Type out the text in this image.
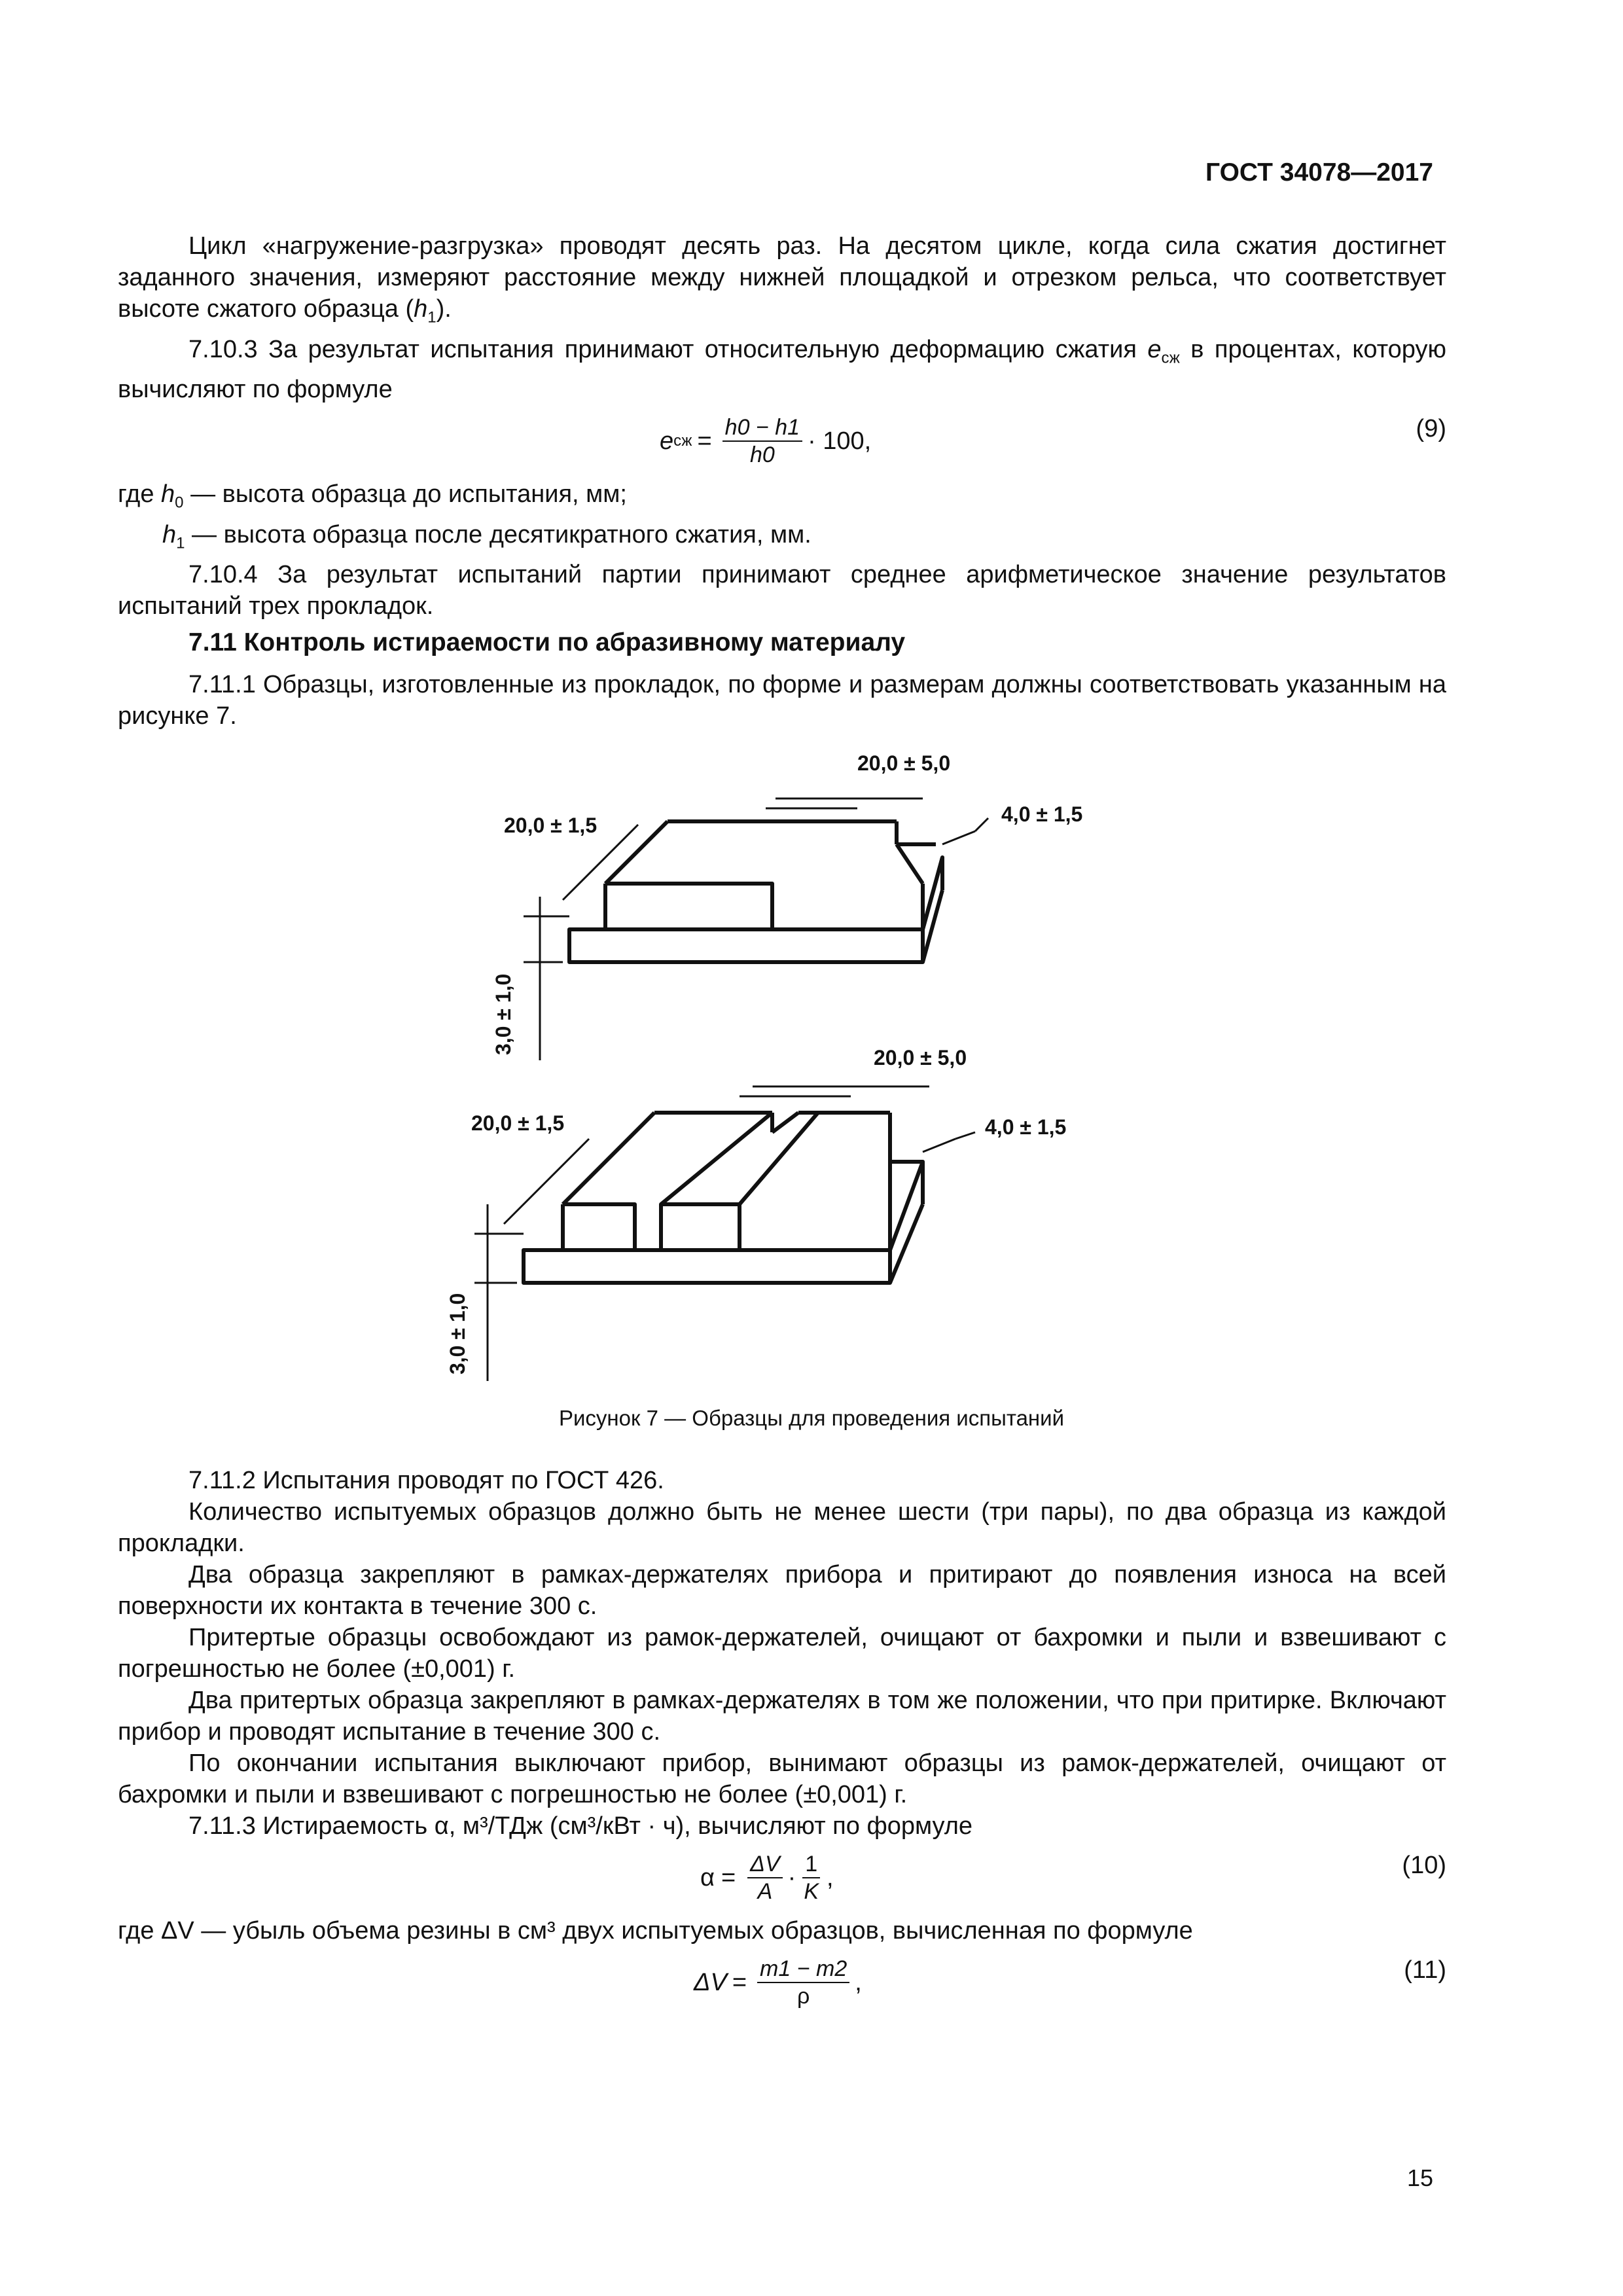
ГОСТ 34078—2017

Цикл «нагружение-разгрузка» проводят десять раз. На десятом цикле, когда сила сжатия достигнет заданного значения, измеряют расстояние между нижней площадкой и отрезком рельса, что соответствует высоте сжатого образца $(h_1)$.

7.10.3 За результат испытания принимают относительную деформацию сжатия $e_{сж}$ в процентах, которую вычисляют по формуле

e сж = $\frac{h0 - h1}{h0} \cdot 100$,	(9)

где $h_0$ — высота образца до испытания, мм;

$h_1$ — высота образца после десятикратного сжатия, мм.

7.10.4 За результат испытаний партии принимают среднее арифметическое значение результатов испытаний трех прокладок.

7.11 Контроль истираемости по абразивному материалу

7.11.1 Образцы, изготовленные из прокладок, по форме и размерам должны соответствовать указанным на рисунке 7.

20,0 ± 5,0
4,0 ± 1,5
20,0 ± 1,5
3,0 ± 1,0
20,0 ± 5,0
4,0 ± 1,5
20,0 ± 1,5
3,0 ± 1,0
Рисунок 7 — Образцы для проведения испытаний

7.11.2 Испытания проводят по ГОСТ 426.

Количество испытуемых образцов должно быть не менее шести (три пары), по два образца из каждой прокладки.

Два образца закрепляют в рамках-держателях прибора и притирают до появления износа на всей поверхности их контакта в течение 300 с.

Притертые образцы освобождают из рамок-держателей, очищают от бахромки и пыли и взвешивают с погрешностью не более (±0,001) г.

Два притертых образца закрепляют в рамках-держателях в том же положении, что при притирке. Включают прибор и проводят испытание в течение 300 с.

По окончании испытания выключают прибор, вынимают образцы из рамок-держателей, очищают от бахромки и пыли и взвешивают с погрешностью не более (±0,001) г.

7.11.3 Истираемость α, м³/ТДж (см³/кВт · ч), вычисляют по формуле

$\alpha = \frac{\Delta V}{A} \cdot \frac{1}{K}$ ,	(10)

где ΔV — убыль объема резины в см³ двух испытуемых образцов, вычисленная по формуле

$\Delta V = \frac{m1 - m2}{\rho}$ ,	(11)
15
